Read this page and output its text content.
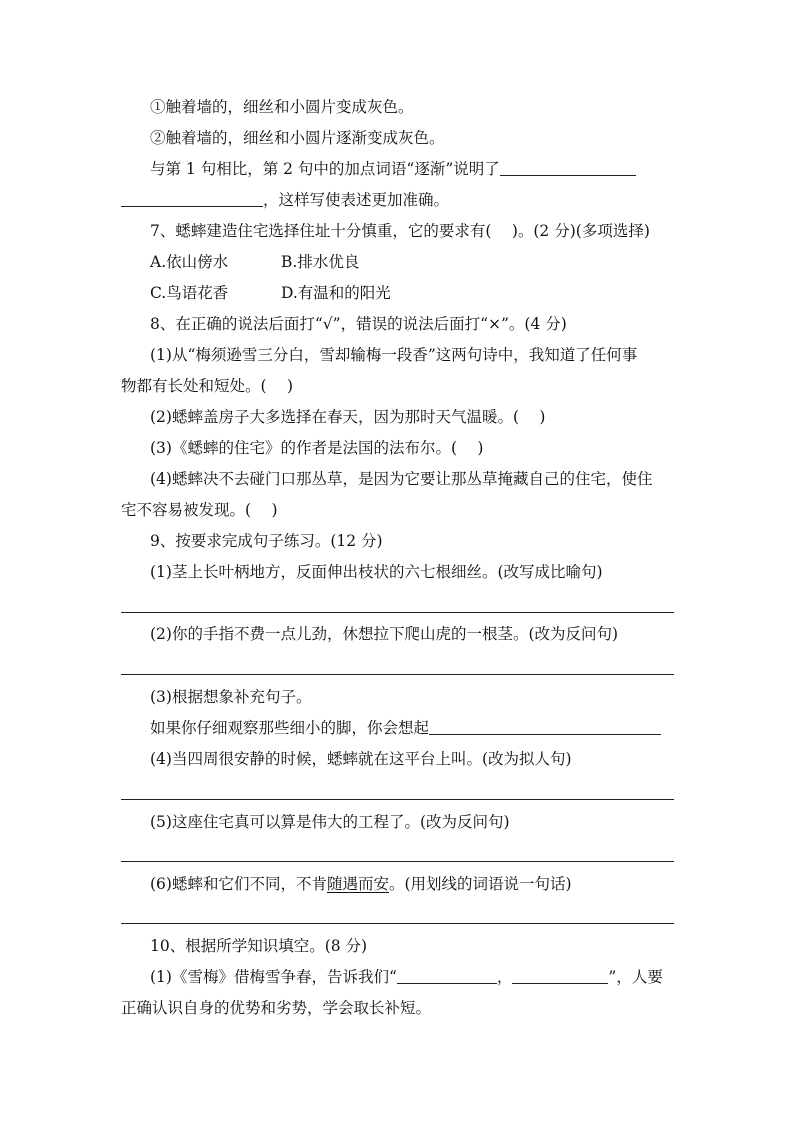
①触着墙的，细丝和小圆片变成灰色。
②触着墙的，细丝和小圆片逐渐变成灰色。
与第 1 句相比，第 2 句中的加点词语“逐渐”说明了
，这样写使表述更加准确。
7、蟋蟀建造住宅选择住址十分慎重，它的要求有(　 )。(2 分)(多项选择)
A.依山傍水	B.排水优良
C.鸟语花香	D.有温和的阳光
8、在正确的说法后面打“√”，错误的说法后面打“×”。(4 分)
(1)从“梅须逊雪三分白，雪却输梅一段香”这两句诗中，我知道了任何事
物都有长处和短处。(　 )
(2)蟋蟀盖房子大多选择在春天，因为那时天气温暖。(　 )
(3)《蟋蟀的住宅》的作者是法国的法布尔。(　 )
(4)蟋蟀决不去碰门口那丛草，是因为它要让那丛草掩藏自己的住宅，使住
宅不容易被发现。(　 )
9、按要求完成句子练习。(12 分)
(1)茎上长叶柄地方，反面伸出枝状的六七根细丝。(改写成比喻句)
(2)你的手指不费一点儿劲，休想拉下爬山虎的一根茎。(改为反问句)
(3)根据想象补充句子。
如果你仔细观察那些细小的脚，你会想起
(4)当四周很安静的时候，蟋蟀就在这平台上叫。(改为拟人句)
(5)这座住宅真可以算是伟大的工程了。(改为反问句)
(6)蟋蟀和它们不同，不肯随遇而安。(用划线的词语说一句话)
10、根据所学知识填空。(8 分)
(1)《雪梅》借梅雪争春，告诉我们“	，	”，人要
正确认识自身的优势和劣势，学会取长补短。
